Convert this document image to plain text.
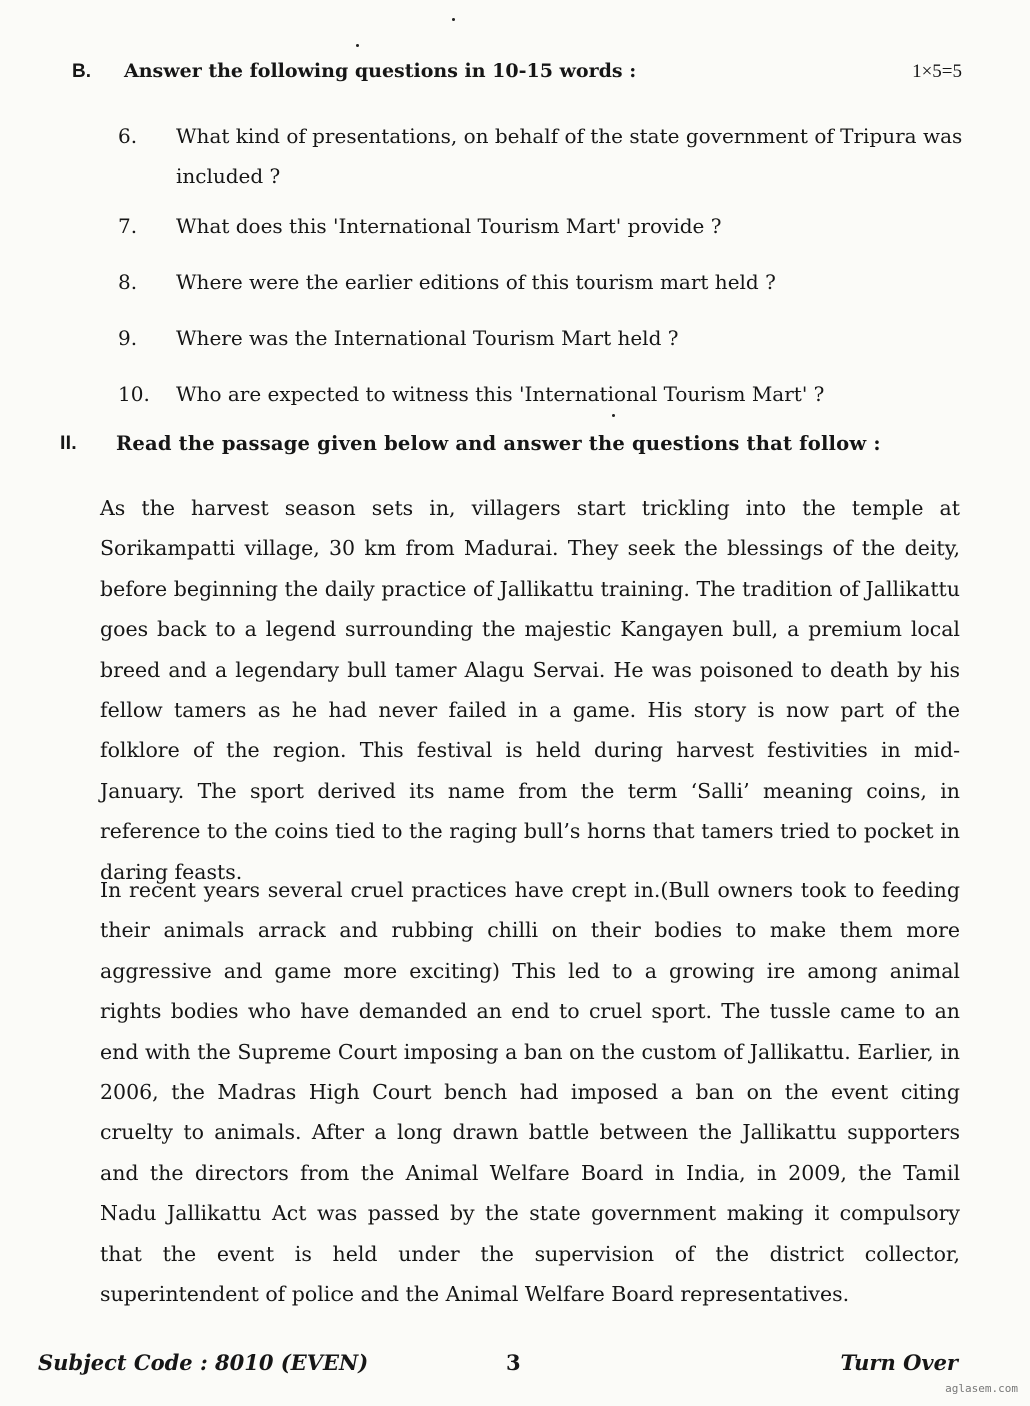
B.	Answer the following questions in 10-15 words :	1×5=5
6.	What kind of presentations, on behalf of the state government of Tripura was included ?
7.	What does this 'International Tourism Mart' provide ?
8.	Where were the earlier editions of this tourism mart held ?
9.	Where was the International Tourism Mart held ?
10.	Who are expected to witness this 'International Tourism Mart' ?
II.	Read the passage given below and answer the questions that follow :

As the harvest season sets in, villagers start trickling into the temple at Sorikampatti village, 30 km from Madurai. They seek the blessings of the deity, before beginning the daily practice of Jallikattu training. The tradition of Jallikattu goes back to a legend surrounding the majestic Kangayen bull, a premium local breed and a legendary bull tamer Alagu Servai. He was poisoned to death by his fellow tamers as he had never failed in a game. His story is now part of the folklore of the region. This festival is held during harvest festivities in mid-January. The sport derived its name from the term ‘Salli’ meaning coins, in reference to the coins tied to the raging bull’s horns that tamers tried to pocket in daring feasts.

In recent years several cruel practices have crept in.(Bull owners took to feeding their animals arrack and rubbing chilli on their bodies to make them more aggressive and game more exciting) This led to a growing ire among animal rights bodies who have demanded an end to cruel sport. The tussle came to an end with the Supreme Court imposing a ban on the custom of Jallikattu. Earlier, in 2006, the Madras High Court bench had imposed a ban on the event citing cruelty to animals. After a long drawn battle between the Jallikattu supporters and the directors from the Animal Welfare Board in India, in 2009, the Tamil Nadu Jallikattu Act was passed by the state government making it compulsory that the event is held under the supervision of the district collector, superintendent of police and the Animal Welfare Board representatives.

Subject Code : 8010 (EVEN)	3	Turn Over
aglasem.com
